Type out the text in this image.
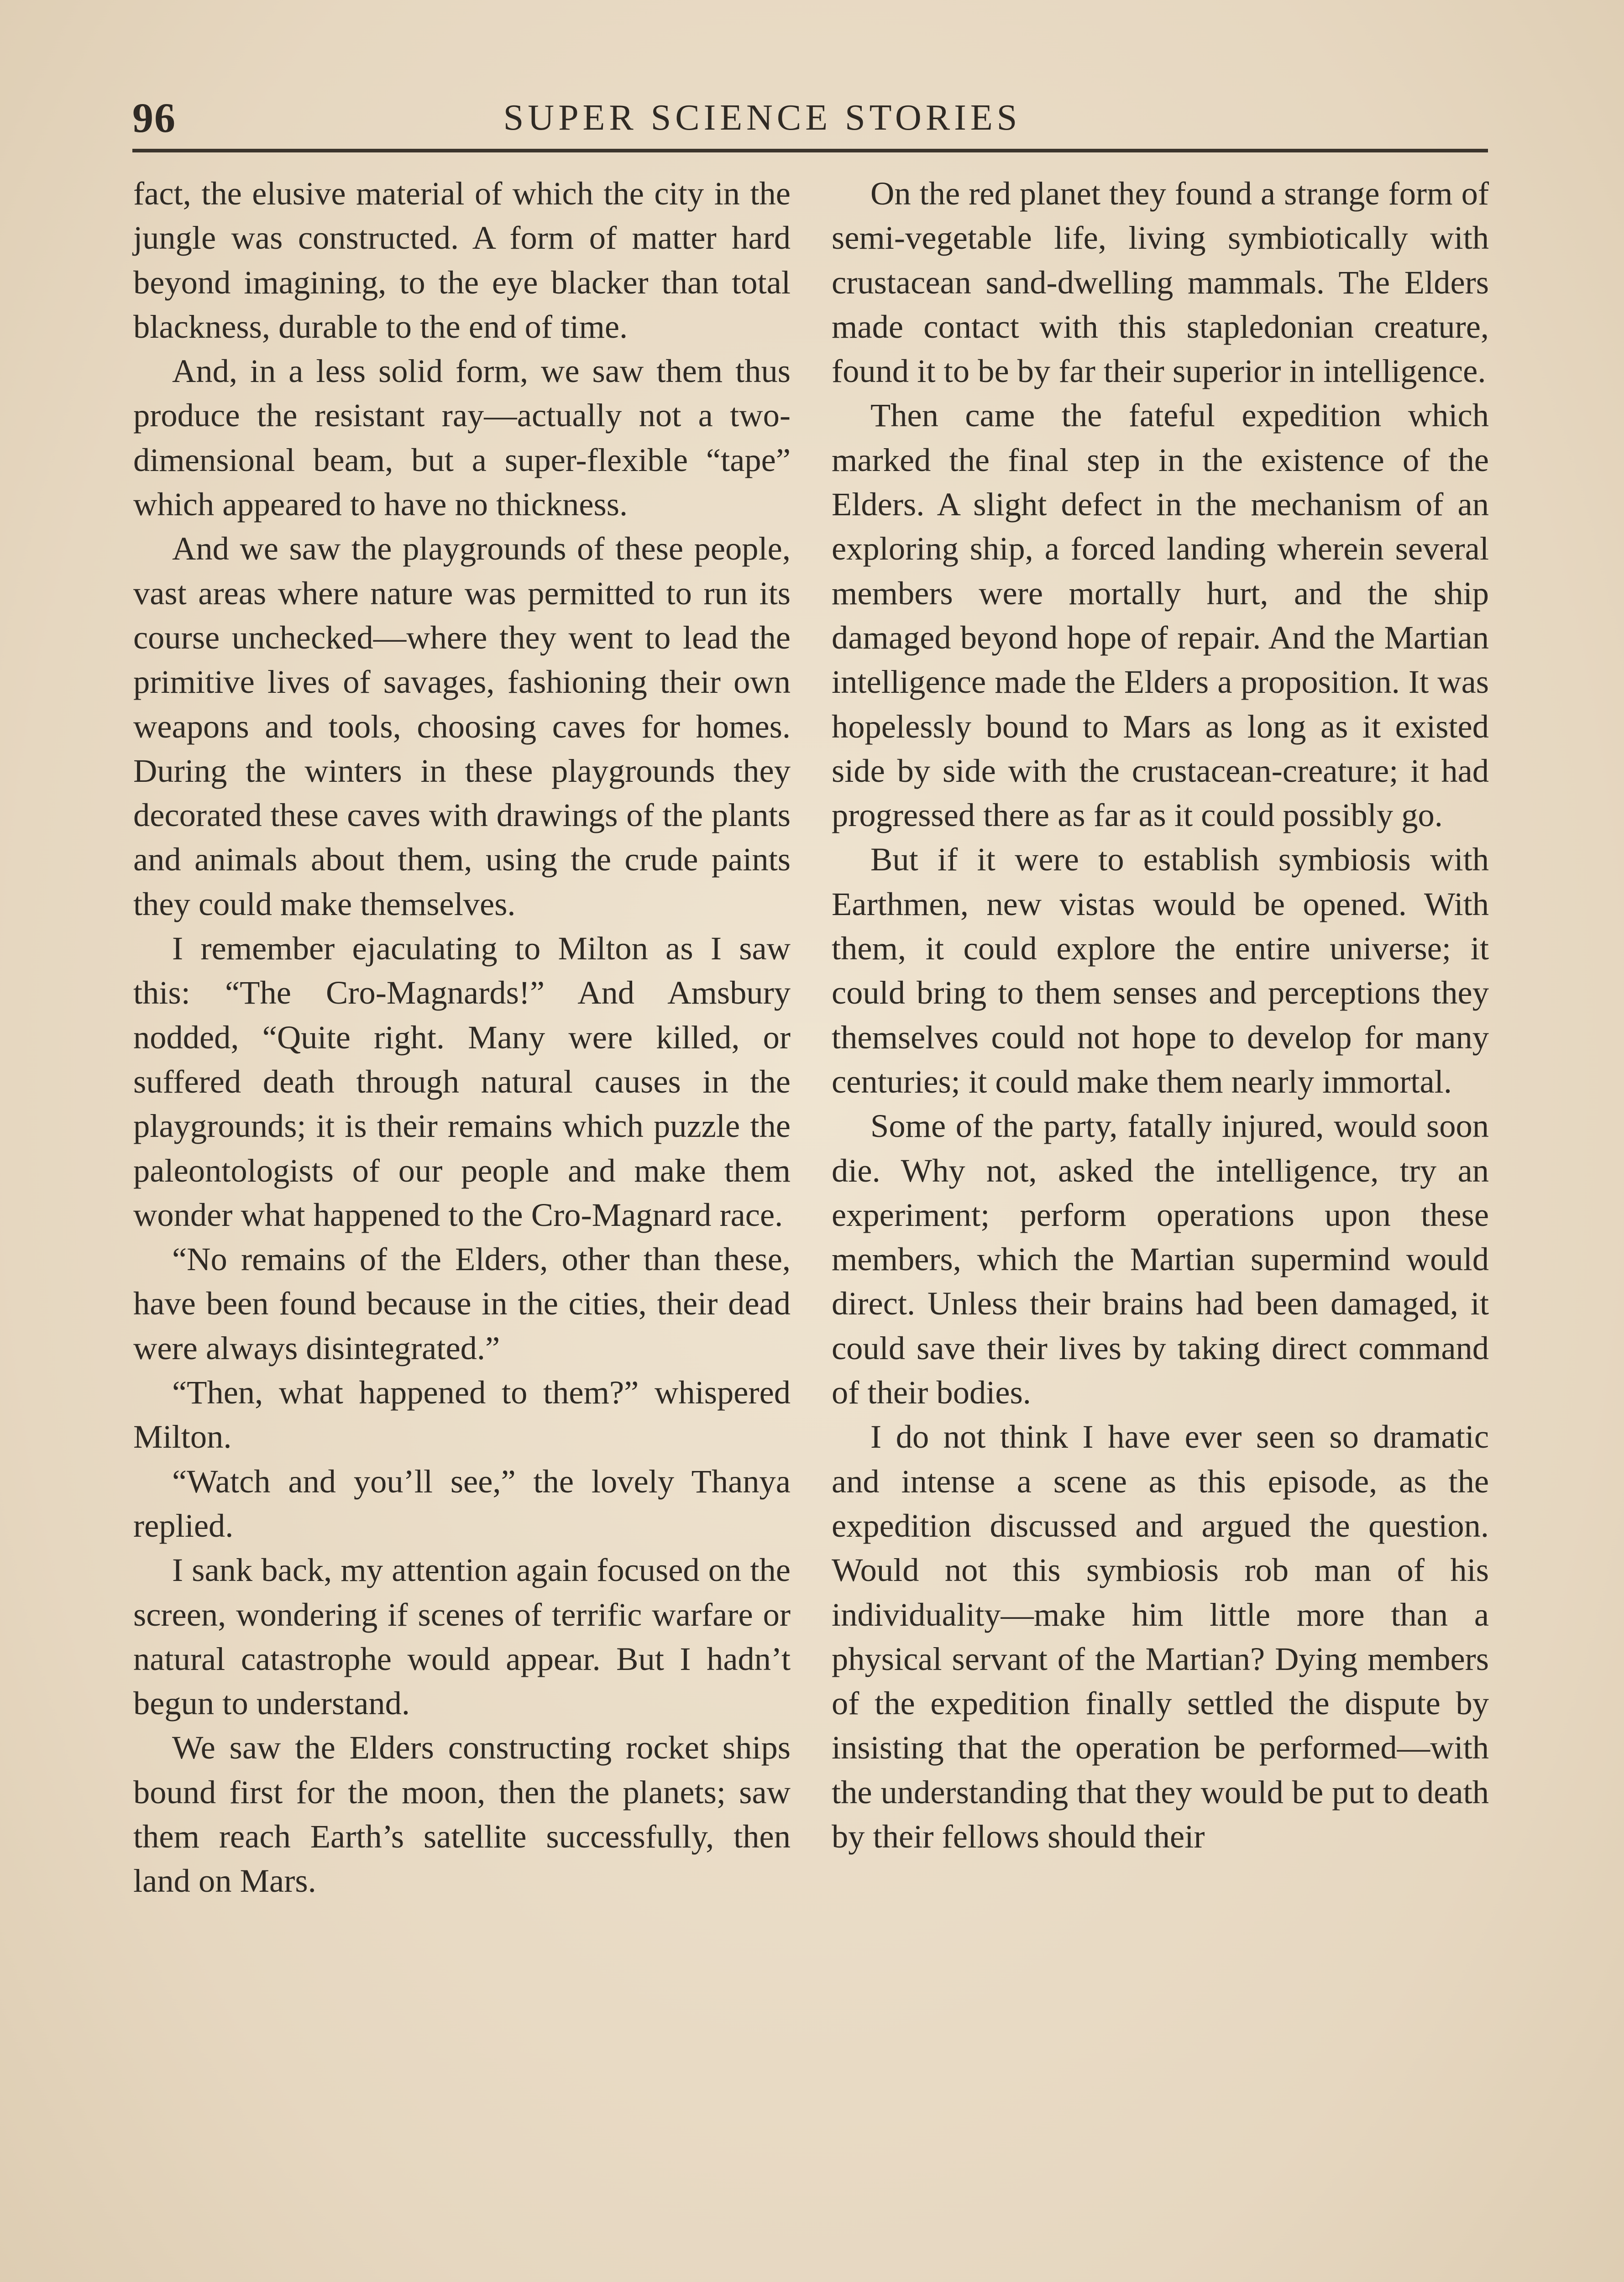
96	SUPER SCIENCE STORIES

fact, the elusive material of which the city in the jungle was constructed. A form of matter hard beyond imagining, to the eye blacker than total blackness, durable to the end of time.

And, in a less solid form, we saw them thus produce the resistant ray—actually not a two-dimensional beam, but a super-flexible “tape” which appeared to have no thickness.

And we saw the playgrounds of these people, vast areas where nature was permitted to run its course unchecked—where they went to lead the primitive lives of savages, fashioning their own weapons and tools, choosing caves for homes. During the winters in these playgrounds they decorated these caves with drawings of the plants and animals about them, using the crude paints they could make themselves.

I remember ejaculating to Milton as I saw this: “The Cro-Magnards!” And Amsbury nodded, “Quite right. Many were killed, or suffered death through natural causes in the playgrounds; it is their remains which puzzle the paleontologists of our people and make them wonder what happened to the Cro-Magnard race.

“No remains of the Elders, other than these, have been found because in the cities, their dead were always disintegrated.”

“Then, what happened to them?” whispered Milton.

“Watch and you’ll see,” the lovely Thanya replied.

I sank back, my attention again focused on the screen, wondering if scenes of terrific warfare or natural catastrophe would appear. But I hadn’t begun to understand.

We saw the Elders constructing rocket ships bound first for the moon, then the planets; saw them reach Earth’s satellite successfully, then land on Mars.

On the red planet they found a strange form of semi-vegetable life, living symbiotically with crustacean sand-dwelling mammals. The Elders made contact with this stapledonian creature, found it to be by far their superior in intelligence.

Then came the fateful expedition which marked the final step in the existence of the Elders. A slight defect in the mechanism of an exploring ship, a forced landing wherein several members were mortally hurt, and the ship damaged beyond hope of repair. And the Martian intelligence made the Elders a proposition. It was hopelessly bound to Mars as long as it existed side by side with the crustacean-creature; it had progressed there as far as it could possibly go.

But if it were to establish symbiosis with Earthmen, new vistas would be opened. With them, it could explore the entire universe; it could bring to them senses and perceptions they themselves could not hope to develop for many centuries; it could make them nearly immortal.

Some of the party, fatally injured, would soon die. Why not, asked the intelligence, try an experiment; perform operations upon these members, which the Martian supermind would direct. Unless their brains had been damaged, it could save their lives by taking direct command of their bodies.

I do not think I have ever seen so dramatic and intense a scene as this episode, as the expedition discussed and argued the question. Would not this symbiosis rob man of his individuality—make him little more than a physical servant of the Martian? Dying members of the expedition finally settled the dispute by insisting that the operation be performed—with the understanding that they would be put to death by their fellows should their
